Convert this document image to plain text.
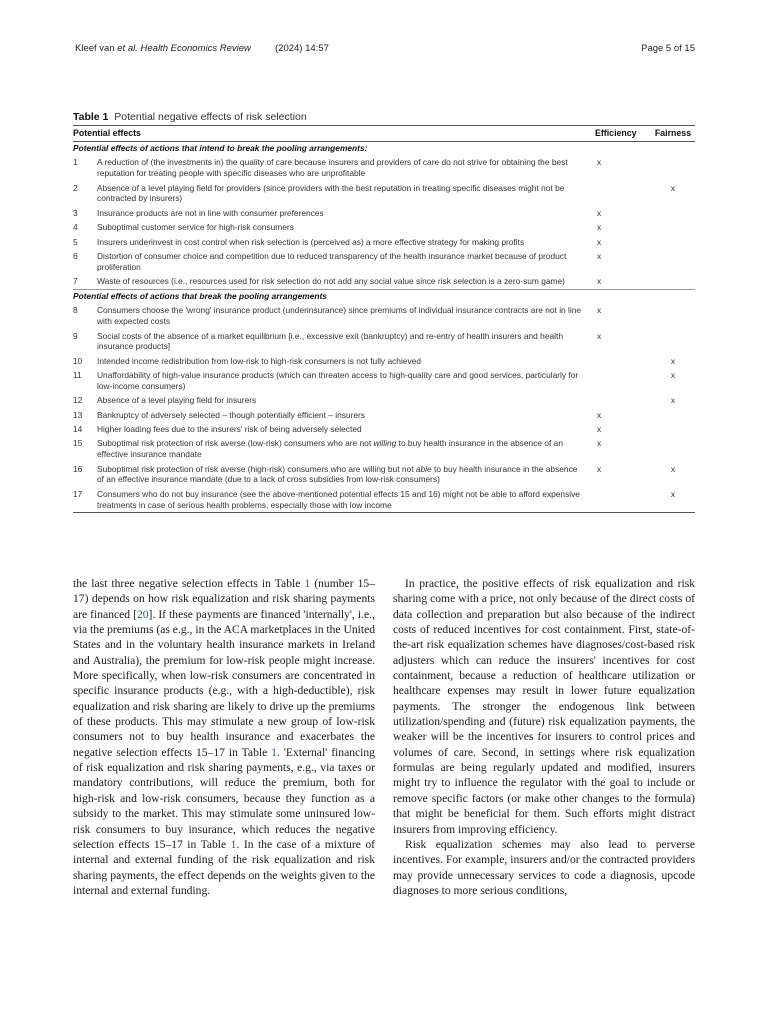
Kleef van et al. Health Economics Review	(2024) 14:57	Page 5 of 15
Table 1 Potential negative effects of risk selection
Potential effects		Efficiency	Fairness
Potential effects of actions that intend to break the pooling arrangements:			
1	A reduction of (the investments in) the quality of care because insurers and providers of care do not strive for obtaining the best reputation for treating people with specific diseases who are unprofitable	x	
2	Absence of a level playing field for providers (since providers with the best reputation in treating specific diseases might not be contracted by insurers)		x
3	Insurance products are not in line with consumer preferences	x	
4	Suboptimal customer service for high-risk consumers	x	
5	Insurers underinvest in cost control when risk selection is (perceived as) a more effective strategy for making profits	x	
6	Distortion of consumer choice and competition due to reduced transparency of the health insurance market because of product proliferation	x	
7	Waste of resources (i.e., resources used for risk selection do not add any social value since risk selection is a zero-sum game)	x	
Potential effects of actions that break the pooling arrangements			
8	Consumers choose the 'wrong' insurance product (underinsurance) since premiums of individual insurance contracts are not in line with expected costs	x	
9	Social costs of the absence of a market equilibrium [i.e., excessive exit (bankruptcy) and re-entry of health insurers and health insurance products]	x	
10	Intended income redistribution from low-risk to high-risk consumers is not fully achieved		x
11	Unaffordability of high-value insurance products (which can threaten access to high-quality care and good services, particularly for low-income consumers)		x
12	Absence of a level playing field for insurers		x
13	Bankruptcy of adversely selected – though potentially efficient – insurers	x	
14	Higher loading fees due to the insurers' risk of being adversely selected	x	
15	Suboptimal risk protection of risk averse (low-risk) consumers who are not willing to buy health insurance in the absence of an effective insurance mandate	x	
16	Suboptimal risk protection of risk averse (high-risk) consumers who are willing but not able to buy health insurance in the absence of an effective insurance mandate (due to a lack of cross subsidies from low-risk consumers)	x	x
17	Consumers who do not buy insurance (see the above-mentioned potential effects 15 and 16) might not be able to afford expensive treatments in case of serious health problems, especially those with low income		x

the last three negative selection effects in Table 1 (number 15–17) depends on how risk equalization and risk sharing payments are financed [20]. If these payments are financed 'internally', i.e., via the premiums (as e.g., in the ACA marketplaces in the United States and in the voluntary health insurance markets in Ireland and Australia), the premium for low-risk people might increase. More specifically, when low-risk consumers are concentrated in specific insurance products (e.g., with a high-deductible), risk equalization and risk sharing are likely to drive up the premiums of these products. This may stimulate a new group of low-risk consumers not to buy health insurance and exacerbates the negative selection effects 15–17 in Table 1. 'External' financing of risk equalization and risk sharing payments, e.g., via taxes or mandatory contributions, will reduce the premium, both for high-risk and low-risk consumers, because they function as a subsidy to the market. This may stimulate some uninsured low-risk consumers to buy insurance, which reduces the negative selection effects 15–17 in Table 1. In the case of a mixture of internal and external funding of the risk equalization and risk sharing payments, the effect depends on the weights given to the internal and external funding.

In practice, the positive effects of risk equalization and risk sharing come with a price, not only because of the direct costs of data collection and preparation but also because of the indirect costs of reduced incentives for cost containment. First, state-of-the-art risk equalization schemes have diagnoses/cost-based risk adjusters which can reduce the insurers' incentives for cost containment, because a reduction of healthcare utilization or healthcare expenses may result in lower future equalization payments. The stronger the endogenous link between utilization/spending and (future) risk equalization payments, the weaker will be the incentives for insurers to control prices and volumes of care. Second, in settings where risk equalization formulas are being regularly updated and modified, insurers might try to influence the regulator with the goal to include or remove specific factors (or make other changes to the formula) that might be beneficial for them. Such efforts might distract insurers from improving efficiency.

Risk equalization schemes may also lead to perverse incentives. For example, insurers and/or the contracted providers may provide unnecessary services to code a diagnosis, upcode diagnoses to more serious conditions,
